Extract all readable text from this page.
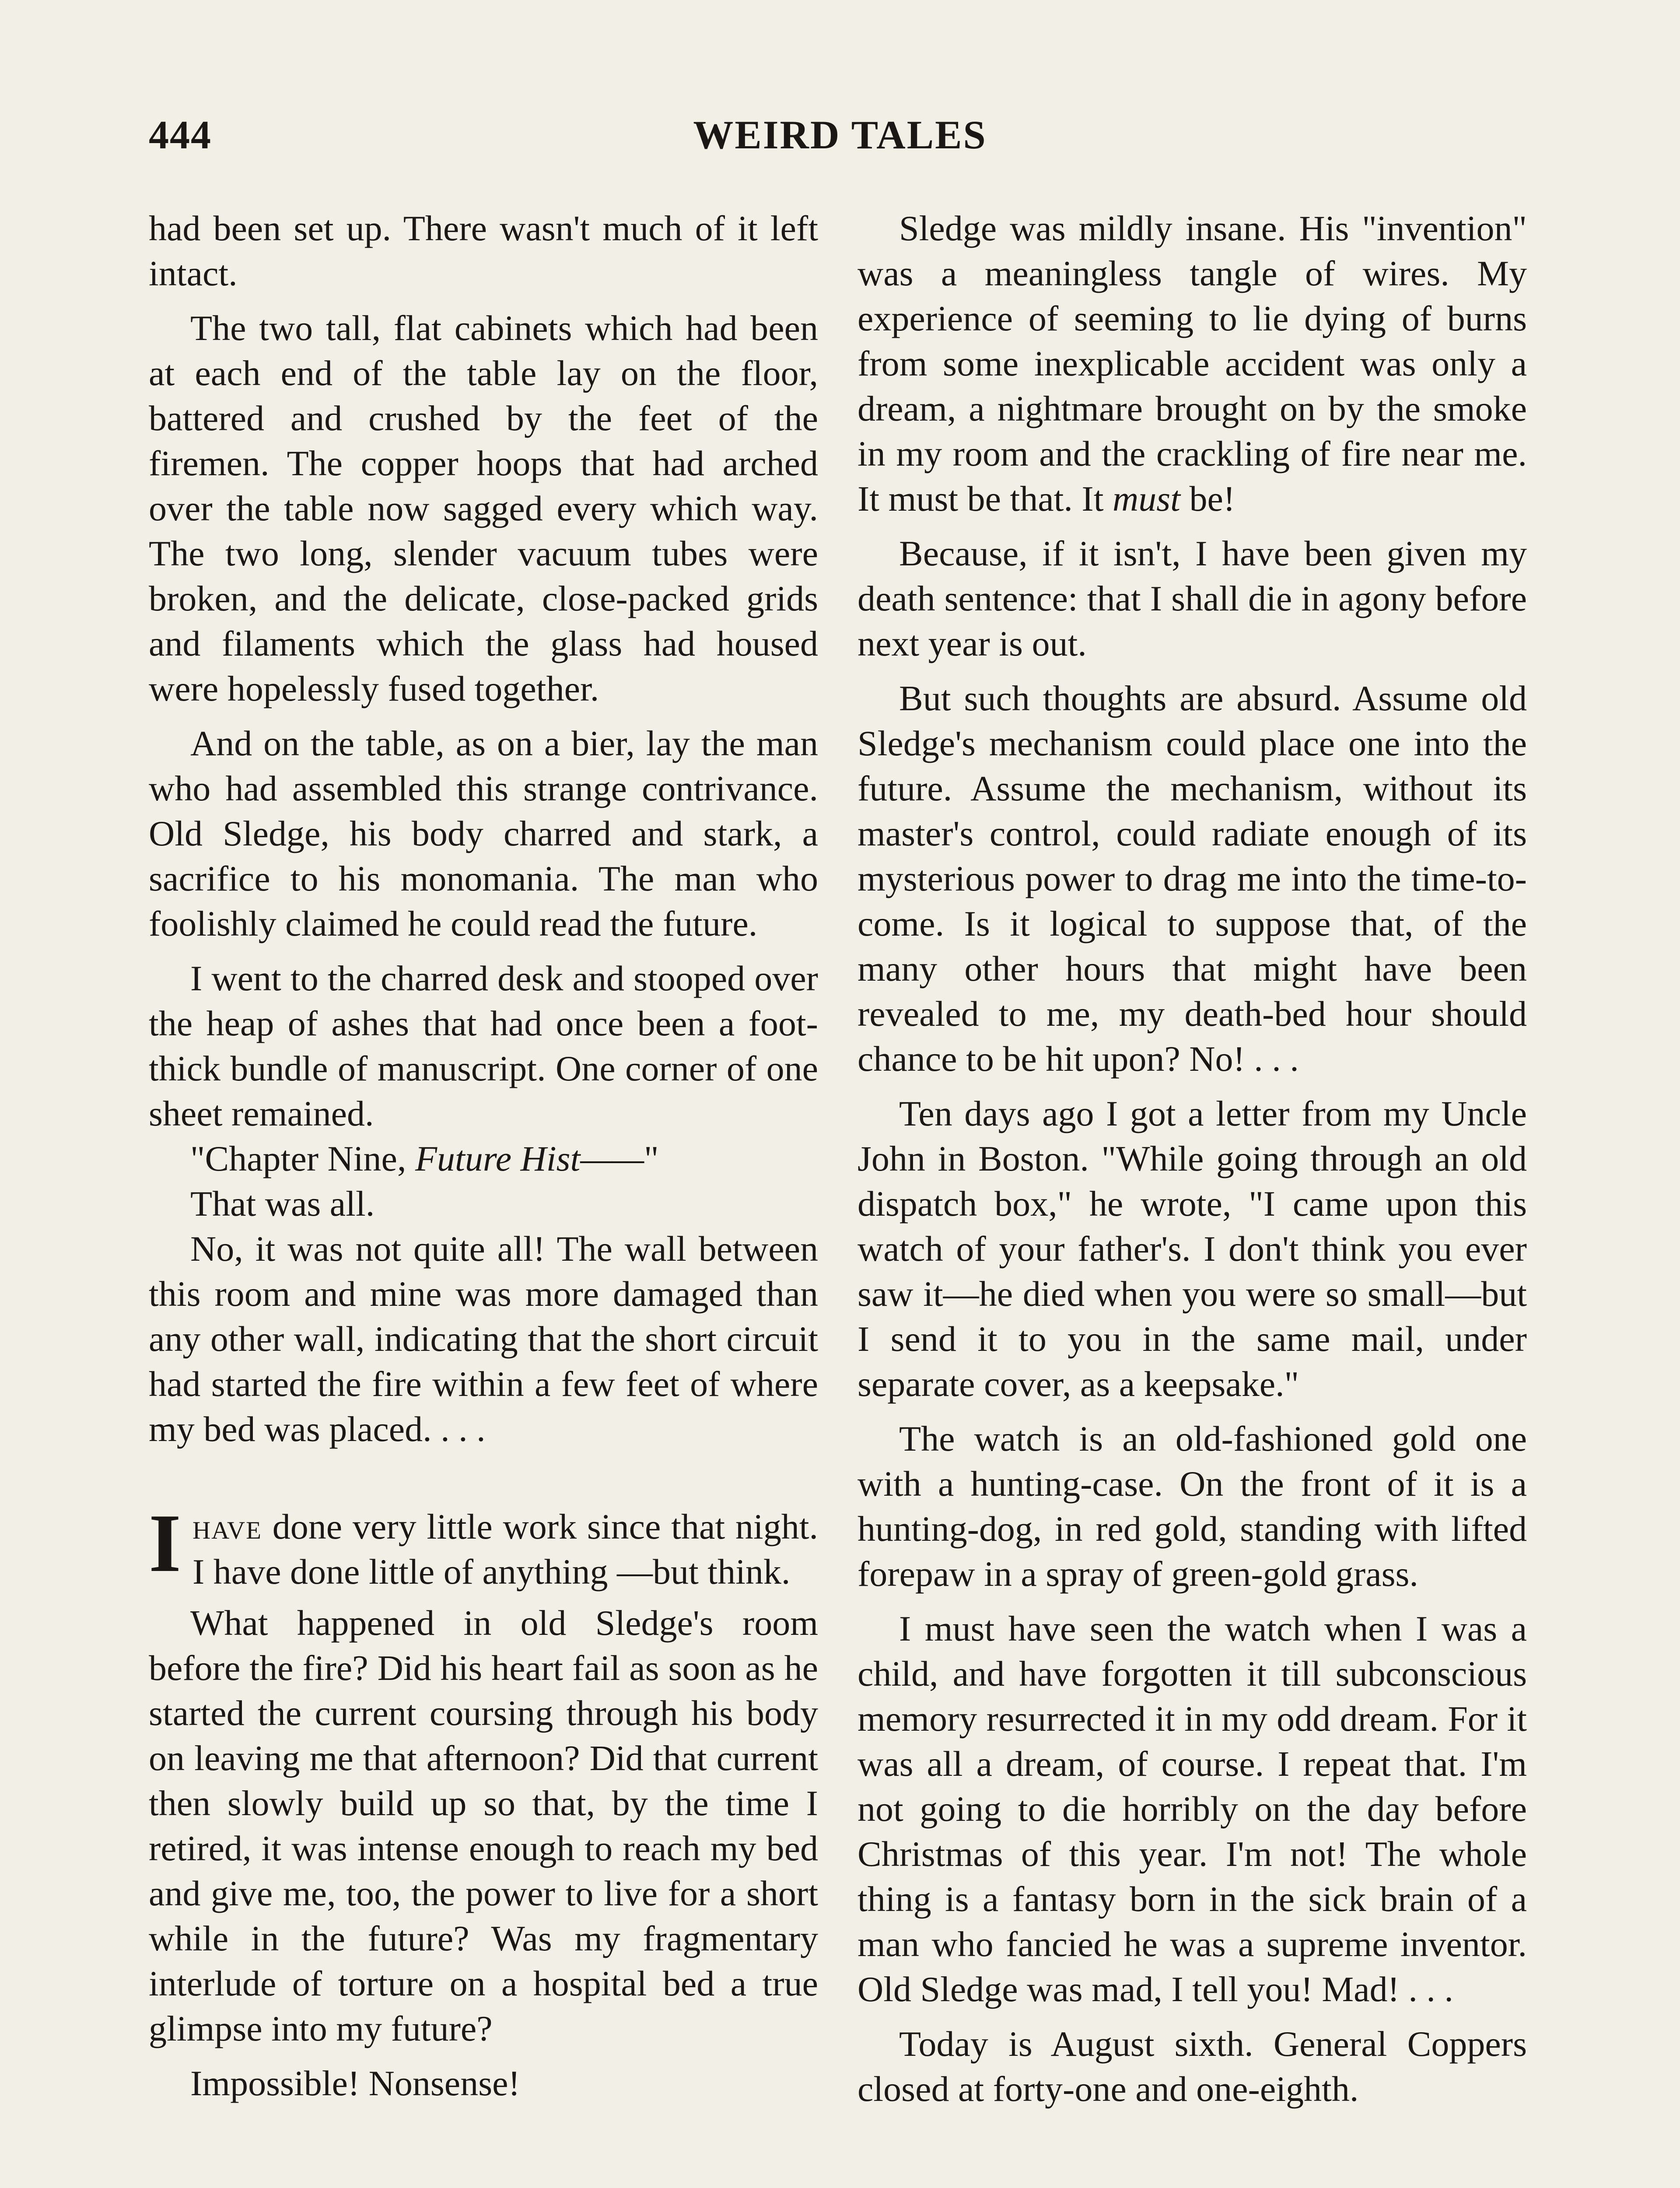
444	WEIRD TALES

had been set up. There wasn't much of it left intact.

The two tall, flat cabinets which had been at each end of the table lay on the floor, battered and crushed by the feet of the firemen. The copper hoops that had arched over the table now sagged every which way. The two long, slender vacuum tubes were broken, and the delicate, close-packed grids and filaments which the glass had housed were hopelessly fused together.

And on the table, as on a bier, lay the man who had assembled this strange contrivance. Old Sledge, his body charred and stark, a sacrifice to his monomania. The man who foolishly claimed he could read the future.

I went to the charred desk and stooped over the heap of ashes that had once been a foot-thick bundle of manuscript. One corner of one sheet remained.

"Chapter Nine, Future Hist——"

That was all.

No, it was not quite all! The wall between this room and mine was more damaged than any other wall, indicating that the short circuit had started the fire within a few feet of where my bed was placed. . . .

Ihave done very little work since that night. I have done little of anything —but think.

What happened in old Sledge's room before the fire? Did his heart fail as soon as he started the current coursing through his body on leaving me that afternoon? Did that current then slowly build up so that, by the time I retired, it was intense enough to reach my bed and give me, too, the power to live for a short while in the future? Was my fragmentary interlude of torture on a hospital bed a true glimpse into my future?

Impossible! Nonsense!

Sledge was mildly insane. His "invention" was a meaningless tangle of wires. My experience of seeming to lie dying of burns from some inexplicable accident was only a dream, a nightmare brought on by the smoke in my room and the crackling of fire near me. It must be that. It must be!

Because, if it isn't, I have been given my death sentence: that I shall die in agony before next year is out.

But such thoughts are absurd. Assume old Sledge's mechanism could place one into the future. Assume the mechanism, without its master's control, could radiate enough of its mysterious power to drag me into the time-to-come. Is it logical to suppose that, of the many other hours that might have been revealed to me, my death-bed hour should chance to be hit upon? No! . . .

Ten days ago I got a letter from my Uncle John in Boston. "While going through an old dispatch box," he wrote, "I came upon this watch of your father's. I don't think you ever saw it—he died when you were so small—but I send it to you in the same mail, under separate cover, as a keepsake."

The watch is an old-fashioned gold one with a hunting-case. On the front of it is a hunting-dog, in red gold, standing with lifted forepaw in a spray of green-gold grass.

I must have seen the watch when I was a child, and have forgotten it till subconscious memory resurrected it in my odd dream. For it was all a dream, of course. I repeat that. I'm not going to die horribly on the day before Christmas of this year. I'm not! The whole thing is a fantasy born in the sick brain of a man who fancied he was a supreme inventor. Old Sledge was mad, I tell you! Mad! . . .

Today is August sixth. General Coppers closed at forty-one and one-eighth.
